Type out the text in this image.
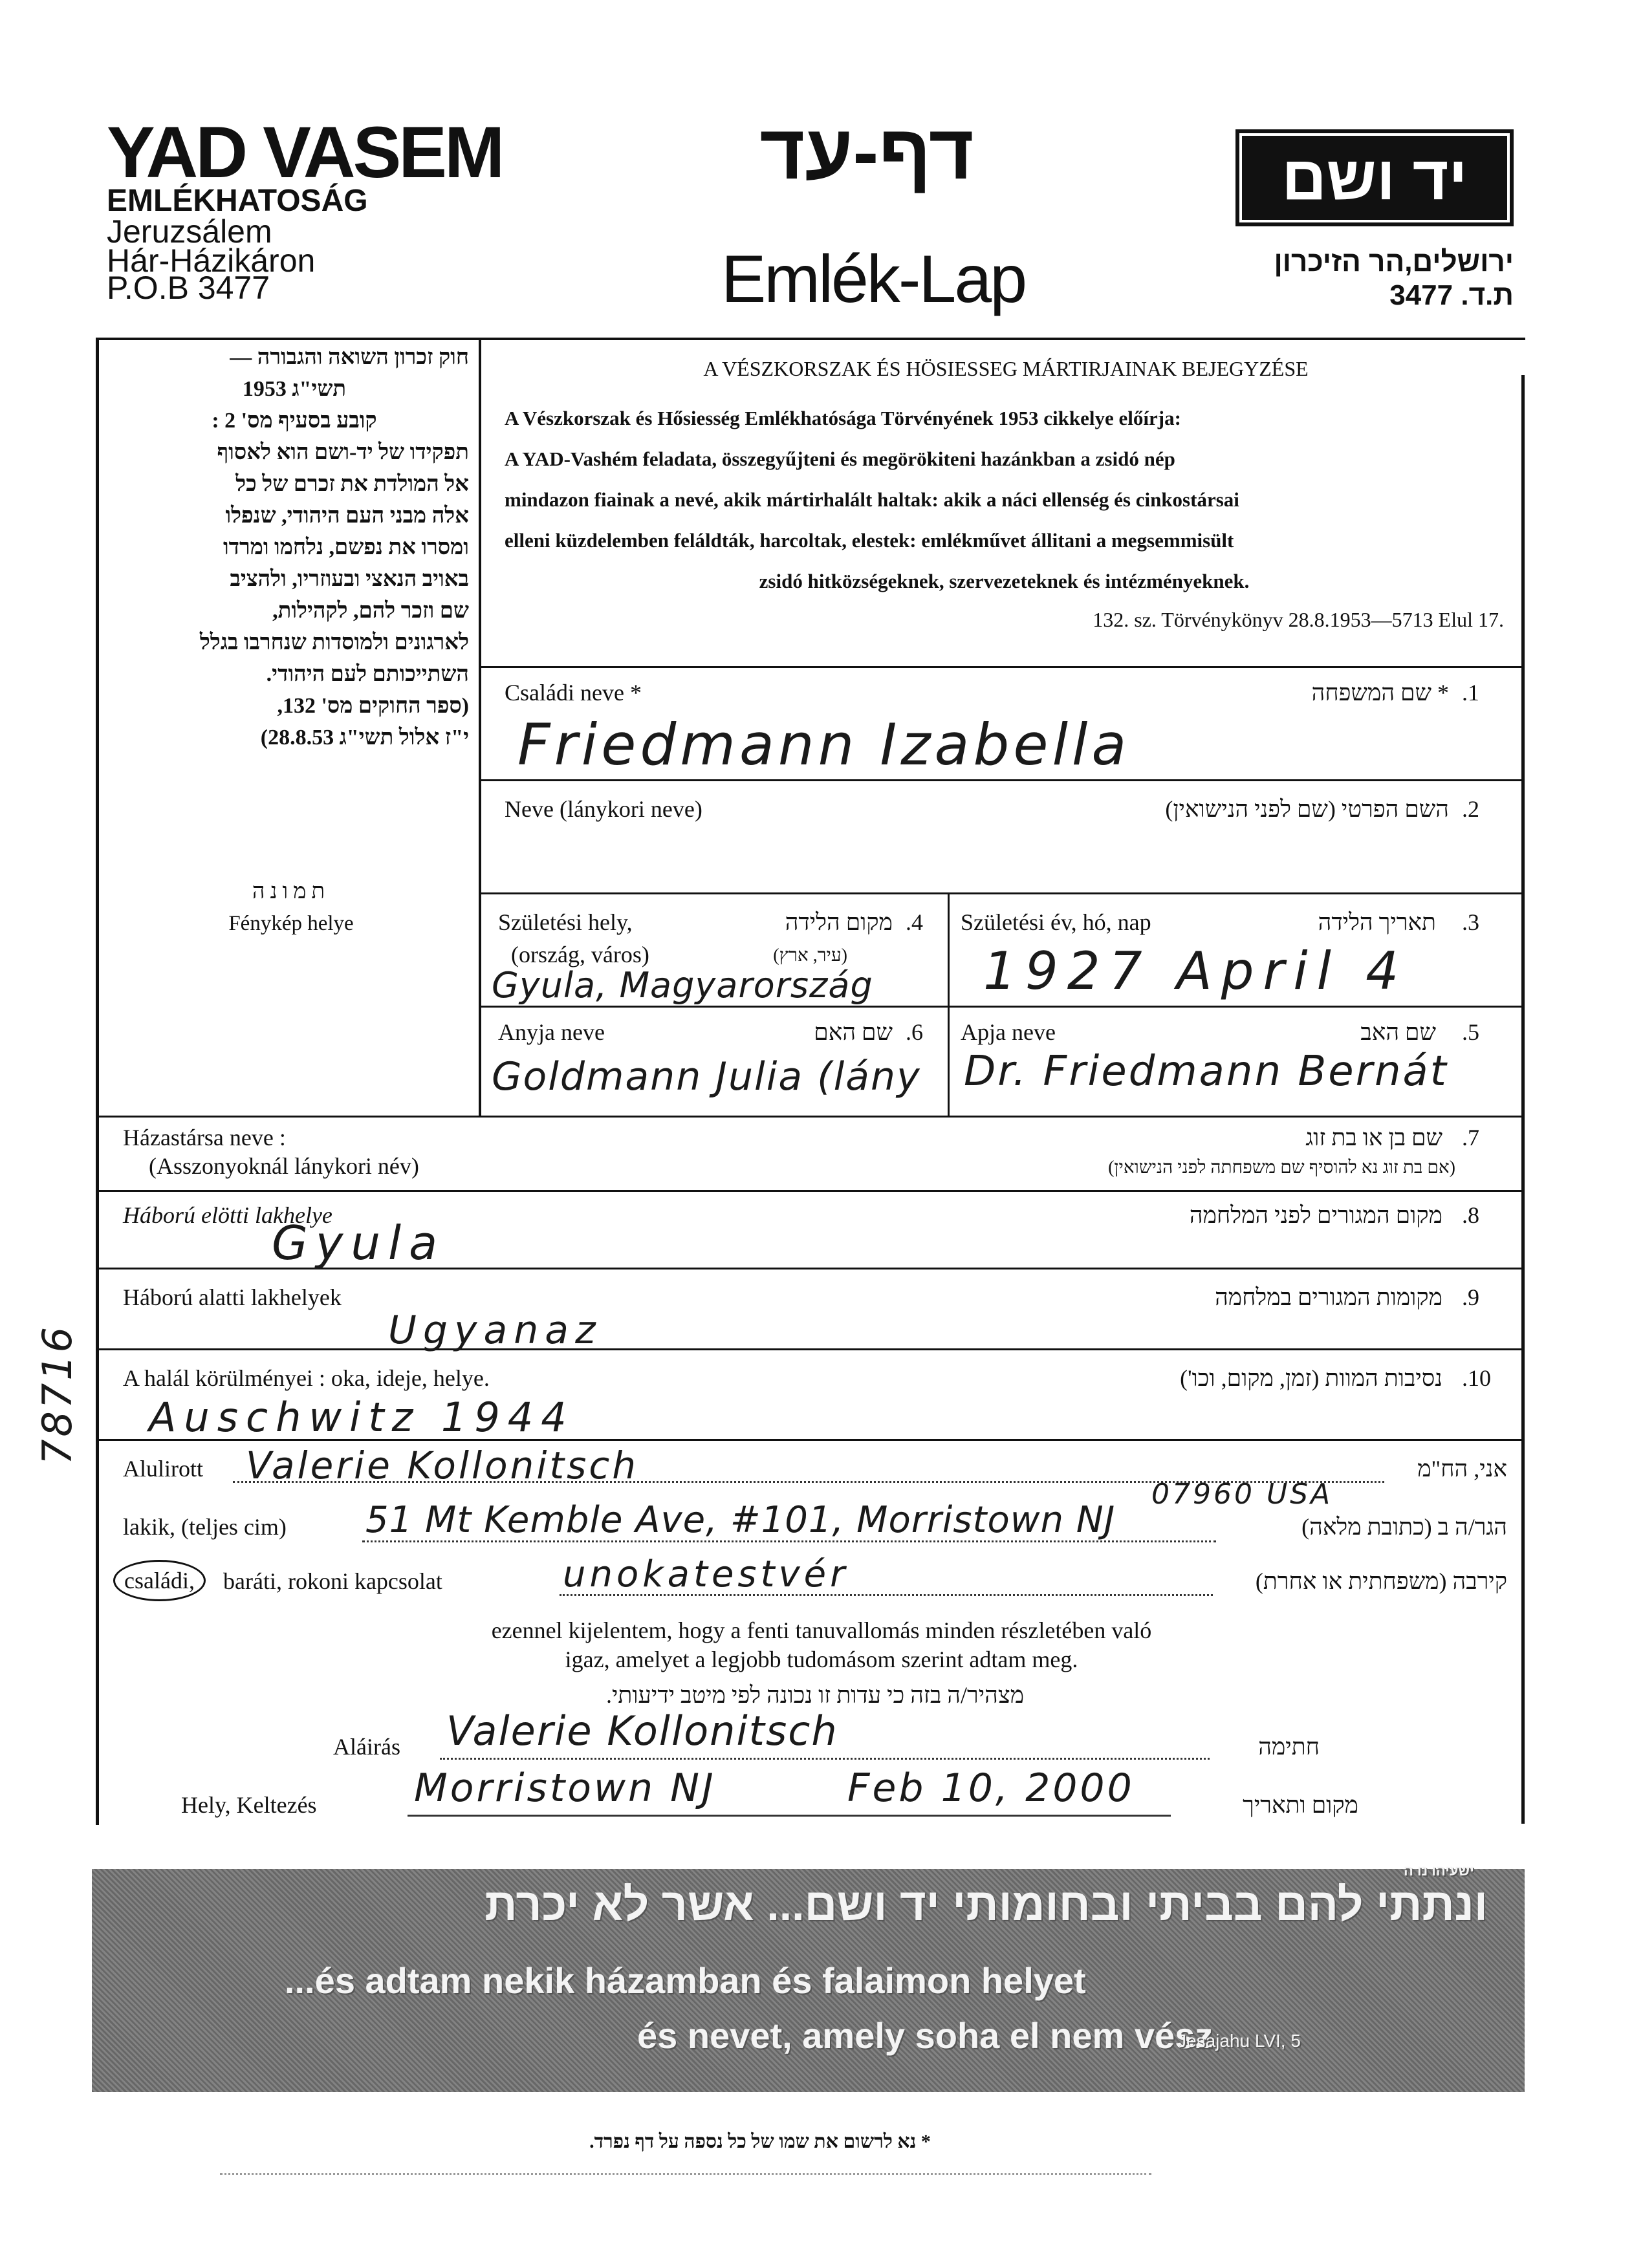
YAD VASEM
EMLÉKHATOSÁG
Jeruzsálem
Hár-Házikáron
P.O.B 3477
דף-עד
Emlék-Lap
יד ושם
ירושלים,הר הזיכרון
ת.ד. 3477
חוק זכרון השואה והגבורה —
תשי"ג 1953
קובע בסעיף מס' 2 :
תפקידו של יד-ושם הוא לאסוף
אל המולדת את זכרם של כל
אלה מבני העם היהודי, שנפלו
ומסרו את נפשם, נלחמו ומרדו
באויב הנאצי ובעוזריו, ולהציב
שם וזכר להם, לקהילות,
לארגונים ולמוסדות שנחרבו בגלל
השתייכותם לעם היהודי.
(ספר החוקים מס' 132,
י"ז אלול תשי"ג 28.8.53)
תמונה
Fénykép helye
A VÉSZKORSZAK ÉS HÖSIESSEG MÁRTIRJAINAK BEJEGYZÉSE
A Vészkorszak és Hősiesség Emlékhatósága Törvényének 1953 cikkelye előírja:
A YAD-Vashém feladata, összegyűjteni és megörökiteni hazánkban a zsidó nép
mindazon fiainak a nevé, akik mártirhalált haltak: akik a náci ellenség és cinkostársai
elleni küzdelemben feláldták, harcoltak, elestek: emlékművet állitani a megsemmisült
zsidó hitközségeknek, szervezeteknek és intézményeknek.
132. sz. Törvénykönyv 28.8.1953—5713 Elul 17.
Családi neve *	* שם המשפחה .1
Friedmann Izabella
Neve (lánykori neve)	השם הפרטי (שם לפני הנישואין) .2
Születési hely,
(ország, város)
מקום הלידה
(עיר, ארץ)
.4
Gyula, Magyarország
Születési év, hó, nap	תאריך הלידה .3
1927 April 4
Anyja neve	שם האם .6
Goldmann Julia (lány
Apja neve	שם האב .5
Dr. Friedmann Bernát
Házastársa neve :
(Asszonyoknál lánykori név)
שם בן או בת זוג
(אם בת זוג נא להוסיף שם משפחתה לפני הנישואין)
.7
Háború elötti lakhelye	מקום המגורים לפני המלחמה .8
Gyula
Háború alatti lakhelyek	מקומות המגורים במלחמה .9
Ugyanaz
A halál körülményei : oka, ideje, helye.	נסיבות המוות (זמן, מקום, וכו') .10
Auschwitz 1944
Alulirott Valerie Kollonitsch	אני, הח"מ
lakik, (teljes cim) 51 Mt Kemble Ave, #101, Morristown NJ
07960 USA
הגר/ה ב (כתובת מלאה)
családi,	baráti, rokoni kapcsolat	unokatestvér	קירבה (משפחתית או אחרת)
ezennel kijelentem, hogy a fenti tanuvallomás minden részletében való
igaz, amelyet a legjobb tudomásom szerint adtam meg.
מצהיר/ה בזה כי עדות זו נכונה לפי מיטב ידיעותי.
Aláirás Valerie Kollonitsch	חתימה
Hely, Keltezés	Morristown NJ	Feb 10, 2000	מקום ותאריך
ונתתי להם בביתי ובחומותי יד ושם... אשר לא יכרת
ישעיהו נו ה
...és adtam nekik házamban és falaimon helyet
és nevet, amely soha el nem vész
Jesajahu LVI, 5
* נא לרשום את שמו של כל נספה על דף נפרד.
78716
